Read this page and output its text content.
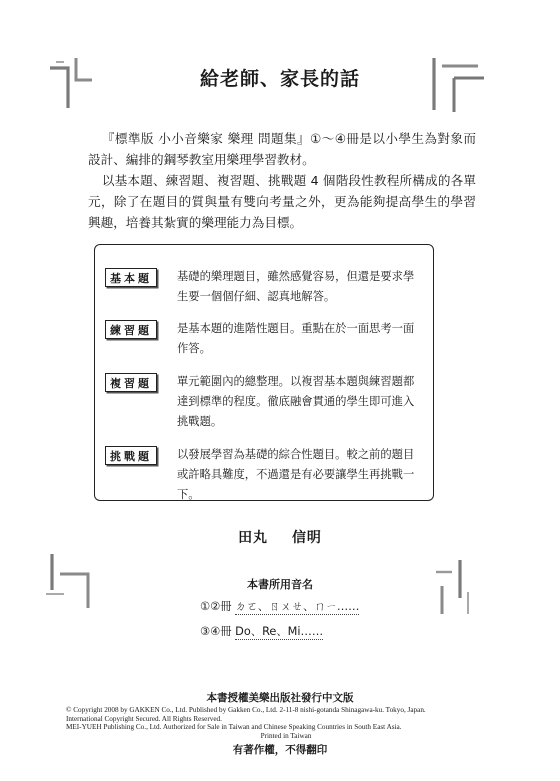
給老師、家長的話

『標準版 小小音樂家 樂理 問題集』①～④冊是以小學生為對象而設計、編排的鋼琴教室用樂理學習教材。

以基本題、練習題、複習題、挑戰題 4 個階段性教程所構成的各單元，除了在題目的質與量有雙向考量之外，更為能夠提高學生的學習興趣，培養其紮實的樂理能力為目標。

基本題	基礎的樂理題目，雖然感覺容易，但還是要求學生要一個個仔細、認真地解答。
練習題	是基本題的進階性題目。重點在於一面思考一面作答。
複習題	單元範圍內的總整理。以複習基本題與練習題都達到標準的程度。徹底融會貫通的學生即可進入挑戰題。
挑戰題	以發展學習為基礎的綜合性題目。較之前的題目或許略具難度，不過還是有必要讓學生再挑戰一下。
田丸 信明
本書所用音名
①②冊 ㄉㄛ、ㄖㄨㄝ、ㄇㄧ……
③④冊 Do、Re、Mi……
本書授權美樂出版社發行中文版
© Copyright 2008 by GAKKEN Co., Ltd. Published by Gakken Co., Ltd. 2-11-8 nishi-gotanda Shinagawa-ku. Tokyo, Japan.
International Copyright Secured. All Rights Reserved.
MEI-YUEH Publishing Co., Ltd. Authorized for Sale in Taiwan and Chinese Speaking Countries in South East Asia.
Printed in Taiwan
有著作權，不得翻印
